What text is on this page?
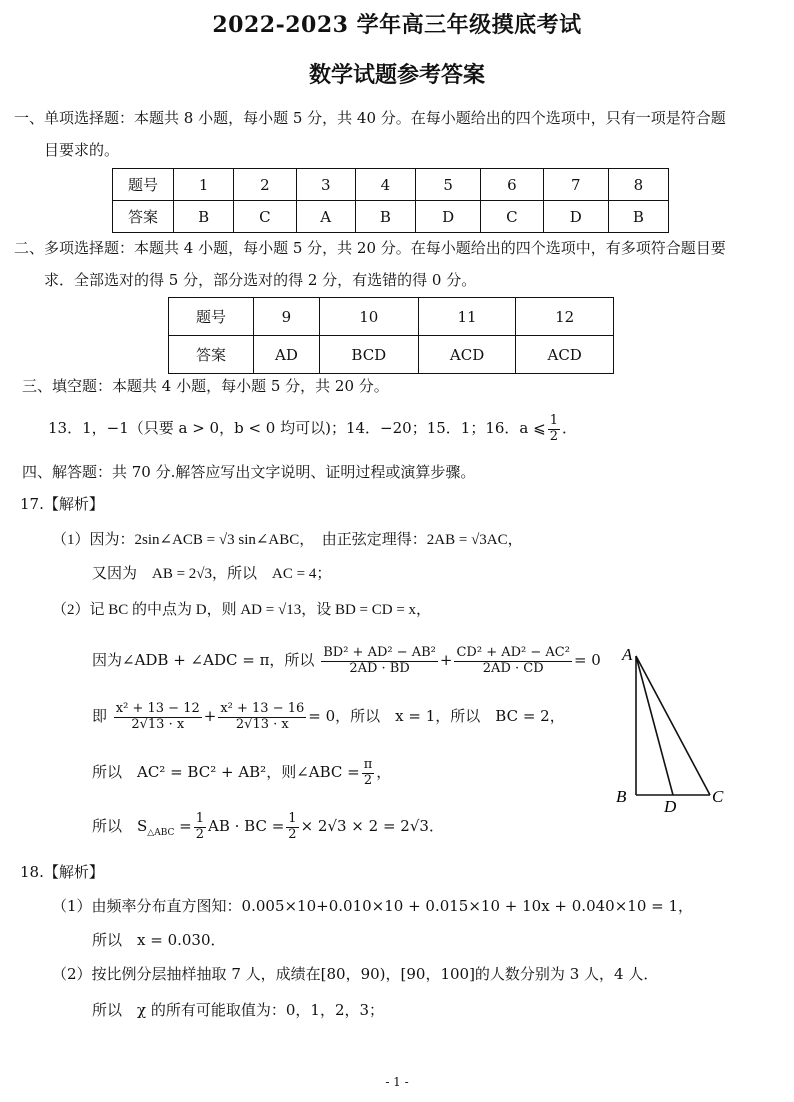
2022-2023 学年高三年级摸底考试
数学试题参考答案
一、单项选择题：本题共 8 小题，每小题 5 分，共 40 分。在每小题给出的四个选项中，只有一项是符合题
目要求的。
题号	1	2	3	4	5	6	7	8
答案	B	C	A	B	D	C	D	B
二、多项选择题：本题共 4 小题，每小题 5 分，共 20 分。在每小题给出的四个选项中，有多项符合题目要
求．全部选对的得 5 分，部分选对的得 2 分，有选错的得 0 分。
题号	9	10	11	12
答案	AD	BCD	ACD	ACD
三、填空题：本题共 4 小题，每小题 5 分，共 20 分。
13．1，−1（只要 a > 0，b < 0 均可以)；14．−20；15．1；16．a ⩽ $\frac{1}{2}$ ．
四、解答题：共 70 分.解答应写出文字说明、证明过程或演算步骤。
17.【解析】
（1）因为：2sin∠ACB = √3 sin∠ABC，　由正弦定理得：2AB = √3AC，
又因为　AB = 2√3，所以　AC = 4；
（2）记 BC 的中点为 D，则 AD = √13，设 BD = CD = x，
因为∠ADB + ∠ADC = π，所以 $\frac{\text{BD² + AD² − AB²}}{2AD \cdot BD} + \frac{\text{CD² + AD² − AC²}}{2AD \cdot CD} = 0$
即 $\frac{\text{x² + 13 − 12}}{2√13 \cdot x} + \frac{\text{x² + 13 − 16}}{2√13 \cdot x} = 0$，所以　x = 1，所以　BC = 2，
所以　AC² = BC² + AB²，则∠ABC = $\frac{\pi}{2}$ ，
所以　$S_{\triangle ABC} = \frac{1}{2}$ AB · BC = $\frac{1}{2} \times 2√3 \times 2 = 2√3$．
A
B
D
C
18.【解析】
（1）由频率分布直方图知：0.005×10+0.010×10 + 0.015×10 + 10x + 0.040×10 = 1，
所以　x = 0.030．
（2）按比例分层抽样抽取 7 人，成绩在[80，90)，[90，100]的人数分别为 3 人，4 人．
所以　χ 的所有可能取值为：0，1，2，3；
- 1 -
